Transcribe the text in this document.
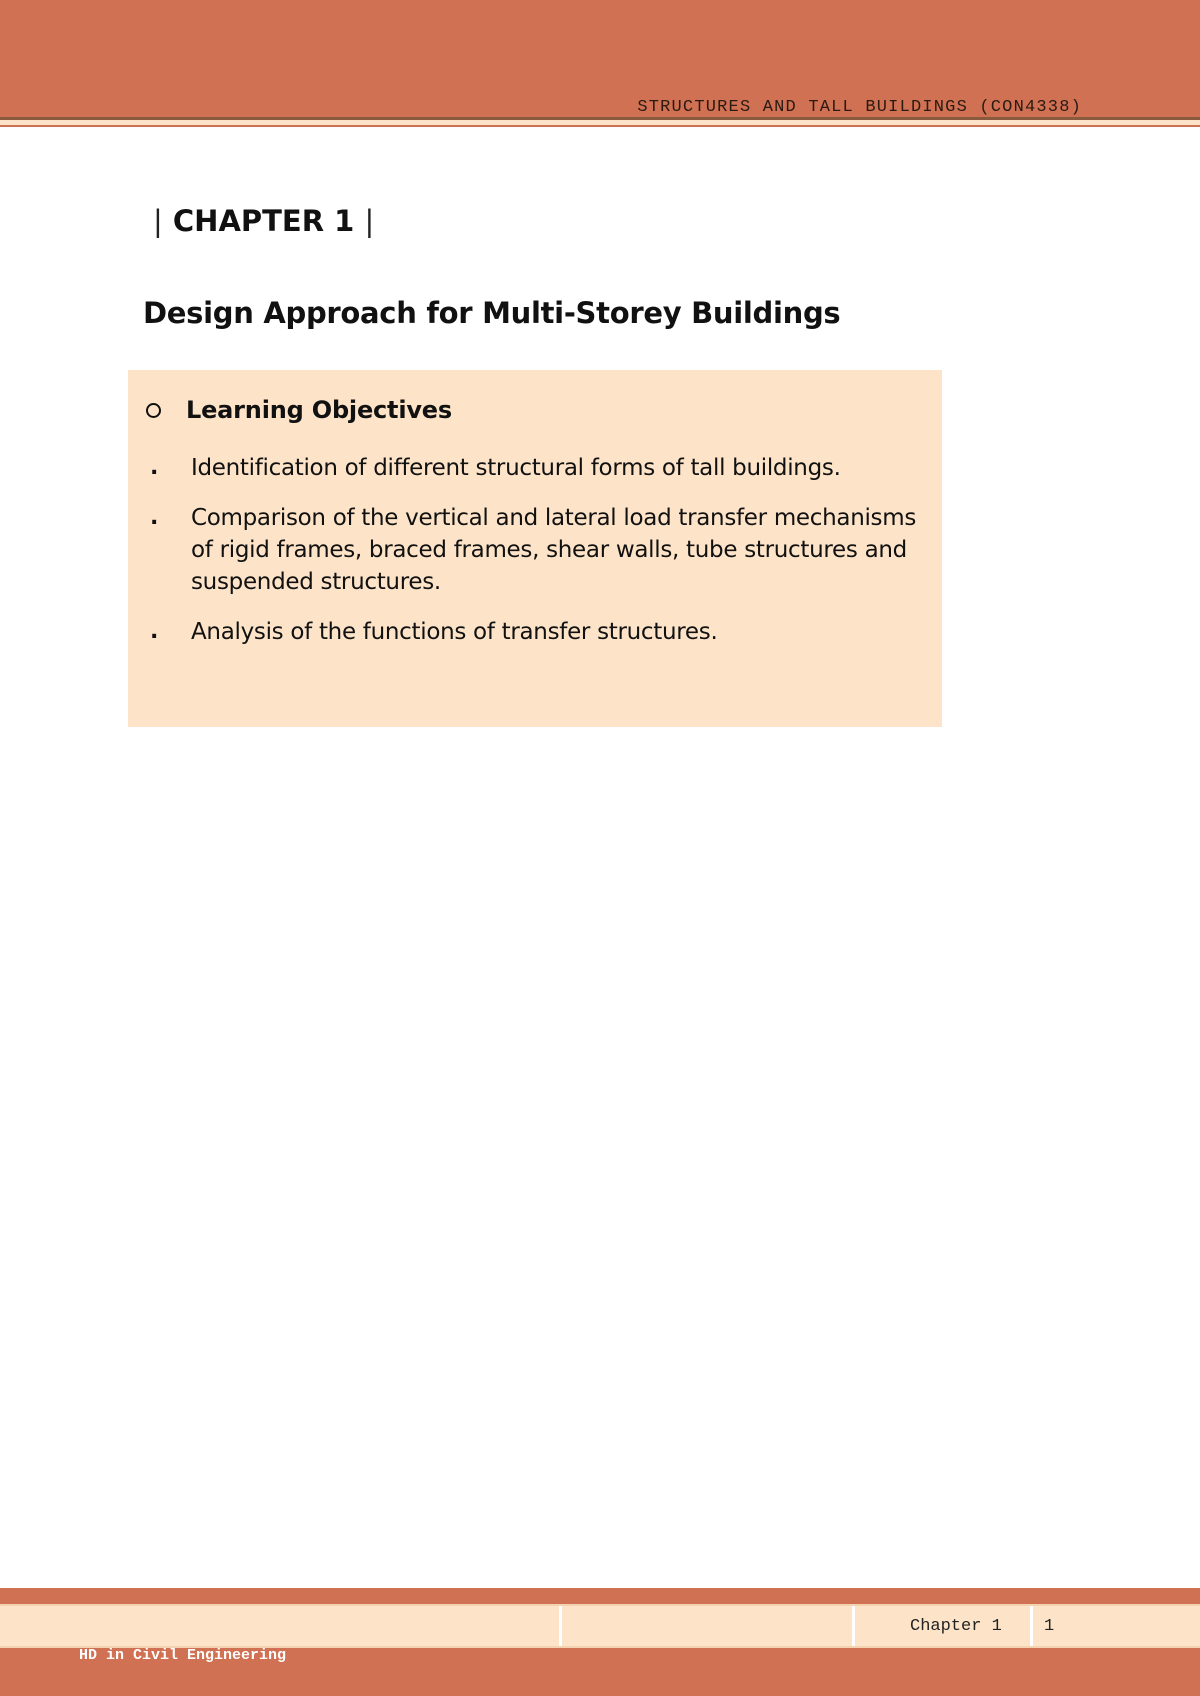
STRUCTURES AND TALL BUILDINGS (CON4338)
| CHAPTER 1 |
Design Approach for Multi-Storey Buildings
Learning Objectives
. Identification of different structural forms of tall buildings.
. Comparison of the vertical and lateral load transfer mechanisms of rigid frames, braced frames, shear walls, tube structures and suspended structures.
. Analysis of the functions of transfer structures.
Chapter 1 1
HD in Civil Engineering
